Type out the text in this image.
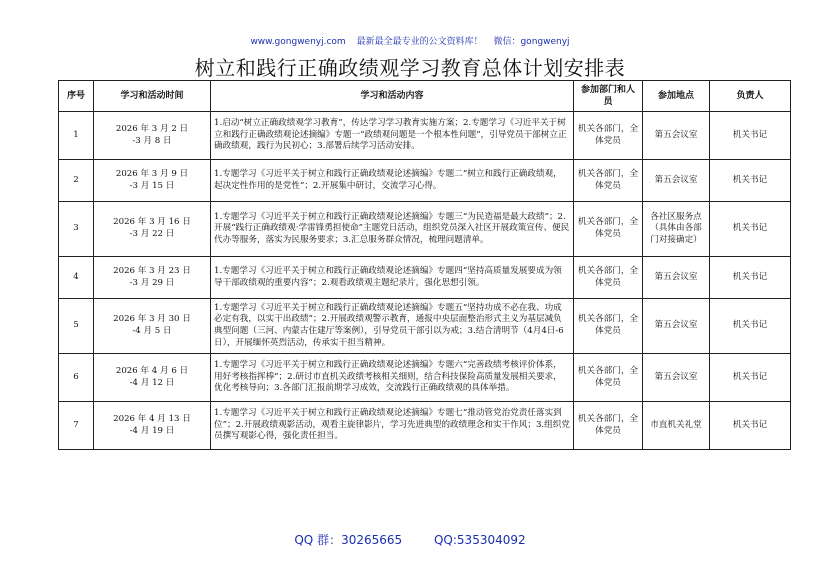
www.gongwenyj.com 最新最全最专业的公文资料库！ 微信：gongwenyj
树立和践行正确政绩观学习教育总体计划安排表
序号	学习和活动时间	学习和活动内容	参加部门和人员	参加地点	负责人
1	2026 年 3 月 2 日
-3 月 8 日	1.启动“树立正确政绩观学习教育”，传达学习学习教育实施方案；2.专题学习《习近平关于树立和践行正确政绩观论述摘编》专题一“政绩观问题是一个根本性问题”，引导党员干部树立正确政绩观，践行为民初心；3.部署后续学习活动安排。	机关各部门，全体党员	第五会议室	机关书记
2	2026 年 3 月 9 日
-3 月 15 日	1.专题学习《习近平关于树立和践行正确政绩观论述摘编》专题二“树立和践行正确政绩观，起决定性作用的是党性”；2.开展集中研讨，交流学习心得。	机关各部门，全体党员	第五会议室	机关书记
3	2026 年 3 月 16 日
-3 月 22 日	1.专题学习《习近平关于树立和践行正确政绩观论述摘编》专题三“为民造福是最大政绩”；2.开展“践行正确政绩观·学雷锋勇担使命”主题党日活动，组织党员深入社区开展政策宣传、便民代办等服务，落实为民服务要求；3.汇总服务群众情况，梳理问题清单。	机关各部门，全体党员	各社区服务点（具体由各部门对接确定）	机关书记
4	2026 年 3 月 23 日
-3 月 29 日	1.专题学习《习近平关于树立和践行正确政绩观论述摘编》专题四“坚持高质量发展要成为领导干部政绩观的重要内容”；2.观看政绩观主题纪录片，强化思想引领。	机关各部门，全体党员	第五会议室	机关书记
5	2026 年 3 月 30 日
-4 月 5 日	1.专题学习《习近平关于树立和践行正确政绩观论述摘编》专题五“坚持功成不必在我、功成必定有我，以实干出政绩”；2.开展政绩观警示教育，通报中央层面整治形式主义为基层减负典型问题（三河、内蒙古住建厅等案例），引导党员干部引以为戒；3.结合清明节（4月4日-6日），开展缅怀英烈活动，传承实干担当精神。	机关各部门，全体党员	第五会议室	机关书记
6	2026 年 4 月 6 日
-4 月 12 日	1.专题学习《习近平关于树立和践行正确政绩观论述摘编》专题六“完善政绩考核评价体系，用好考核指挥棒”；2.研讨市直机关政绩考核相关细则，结合科技保险高质量发展相关要求，优化考核导向；3.各部门汇报前期学习成效，交流践行正确政绩观的具体举措。	机关各部门，全体党员	第五会议室	机关书记
7	2026 年 4 月 13 日
-4 月 19 日	1.专题学习《习近平关于树立和践行正确政绩观论述摘编》专题七“推动管党治党责任落实到位”；2.开展政绩观影活动，观看主旋律影片，学习先进典型的政绩理念和实干作风；3.组织党员撰写观影心得，强化责任担当。	机关各部门，全体党员	市直机关礼堂	机关书记
QQ 群：30265665	QQ:535304092
